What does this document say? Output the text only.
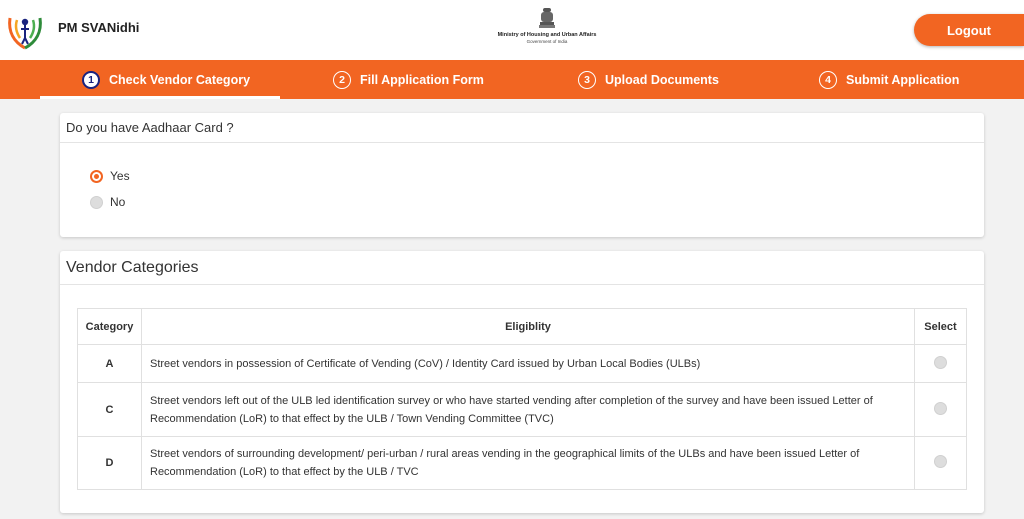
PM SVANidhi	Ministry of Housing and Urban Affairs
Government of India
Logout
1	Check Vendor Category	2	Fill Application Form	3	Upload Documents	4	Submit Application
Do you have Aadhaar Card ?
Yes
No
Vendor Categories
Category	Eligiblity	Select
A	Street vendors in possession of Certificate of Vending (CoV) / Identity Card issued by Urban Local Bodies (ULBs)	
C	Street vendors left out of the ULB led identification survey or who have started vending after completion of the survey and have been issued Letter of Recommendation (LoR) to that effect by the ULB / Town Vending Committee (TVC)	
D	Street vendors of surrounding development/ peri-urban / rural areas vending in the geographical limits of the ULBs and have been issued Letter of Recommendation (LoR) to that effect by the ULB / TVC	
